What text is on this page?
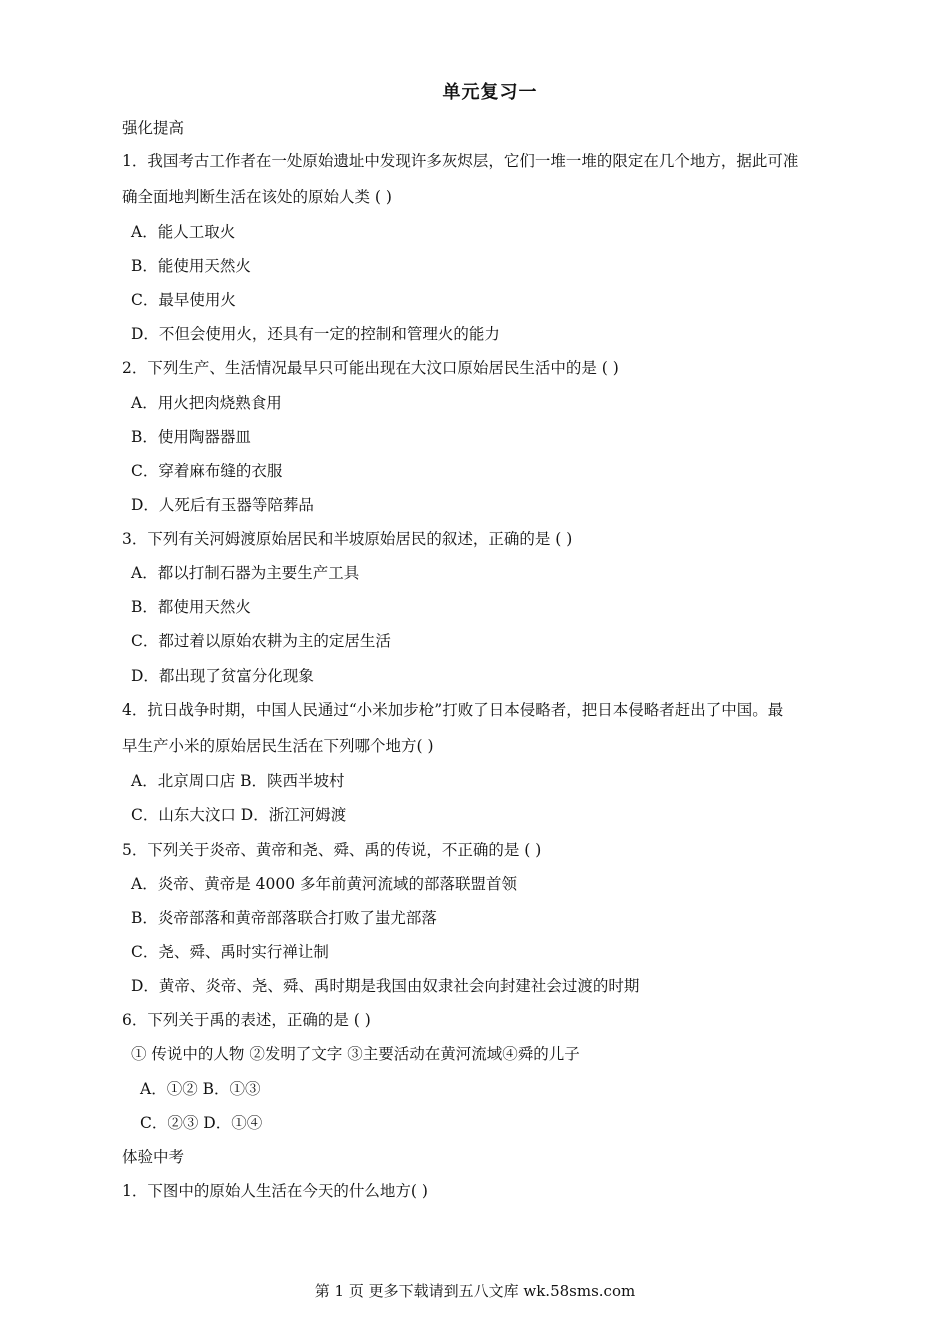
单元复习一
强化提高
1．我国考古工作者在一处原始遗址中发现许多灰烬层，它们一堆一堆的限定在几个地方，据此可准
确全面地判断生活在该处的原始人类 ( )
A．能人工取火
B．能使用天然火
C．最早使用火
D．不但会使用火，还具有一定的控制和管理火的能力
2．下列生产、生活情况最早只可能出现在大汶口原始居民生活中的是 ( )
A．用火把肉烧熟食用
B．使用陶器器皿
C．穿着麻布缝的衣服
D．人死后有玉器等陪葬品
3．下列有关河姆渡原始居民和半坡原始居民的叙述，正确的是 ( )
A．都以打制石器为主要生产工具
B．都使用天然火
C．都过着以原始农耕为主的定居生活
D．都出现了贫富分化现象
4．抗日战争时期，中国人民通过“小米加步枪”打败了日本侵略者，把日本侵略者赶出了中国。最
早生产小米的原始居民生活在下列哪个地方( )
A．北京周口店 B．陕西半坡村
C．山东大汶口 D．浙江河姆渡
5．下列关于炎帝、黄帝和尧、舜、禹的传说，不正确的是 ( )
A．炎帝、黄帝是 4000 多年前黄河流域的部落联盟首领
B．炎帝部落和黄帝部落联合打败了蚩尤部落
C．尧、舜、禹时实行禅让制
D．黄帝、炎帝、尧、舜、禹时期是我国由奴隶社会向封建社会过渡的时期
6．下列关于禹的表述，正确的是 ( )
① 传说中的人物 ②发明了文字 ③主要活动在黄河流域④舜的儿子
A．①② B．①③
C．②③ D．①④
体验中考
1．下图中的原始人生活在今天的什么地方( )
第 1 页 更多下载请到五八文库 wk.58sms.com
